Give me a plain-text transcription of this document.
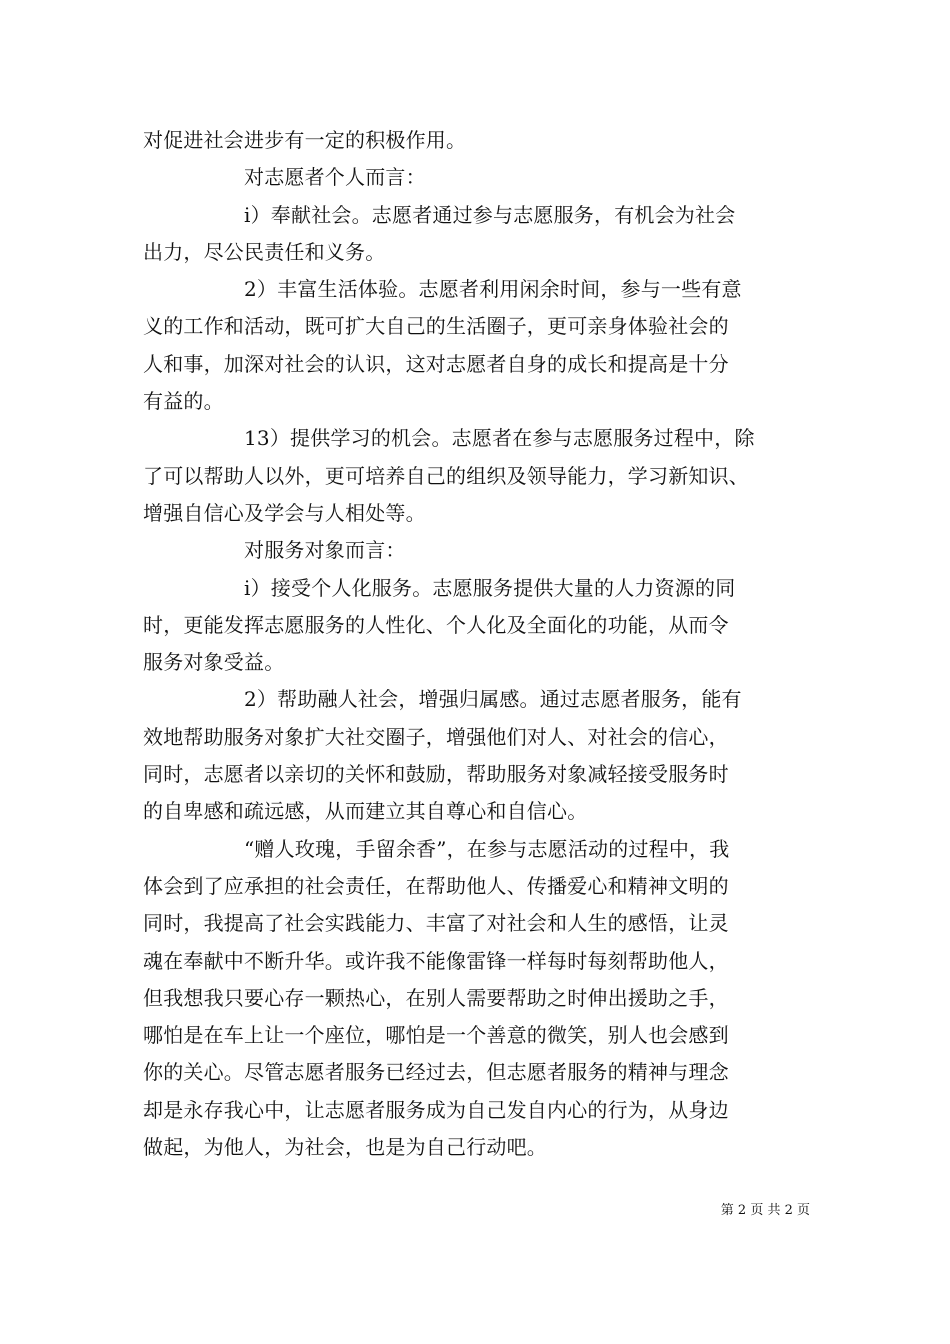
对促进社会进步有一定的积极作用。
对志愿者个人而言：
i）奉献社会。志愿者通过参与志愿服务，有机会为社会
出力，尽公民责任和义务。
2）丰富生活体验。志愿者利用闲余时间，参与一些有意
义的工作和活动，既可扩大自己的生活圈子，更可亲身体验社会的
人和事，加深对社会的认识，这对志愿者自身的成长和提高是十分
有益的。
13）提供学习的机会。志愿者在参与志愿服务过程中，除
了可以帮助人以外，更可培养自己的组织及领导能力，学习新知识、
增强自信心及学会与人相处等。
对服务对象而言：
i）接受个人化服务。志愿服务提供大量的人力资源的同
时，更能发挥志愿服务的人性化、个人化及全面化的功能，从而令
服务对象受益。
2）帮助融人社会，增强归属感。通过志愿者服务，能有
效地帮助服务对象扩大社交圈子，增强他们对人、对社会的信心，
同时，志愿者以亲切的关怀和鼓励，帮助服务对象减轻接受服务时
的自卑感和疏远感，从而建立其自尊心和自信心。
“赠人玫瑰，手留余香”，在参与志愿活动的过程中，我
体会到了应承担的社会责任，在帮助他人、传播爱心和精神文明的
同时，我提高了社会实践能力、丰富了对社会和人生的感悟，让灵
魂在奉献中不断升华。或许我不能像雷锋一样每时每刻帮助他人，
但我想我只要心存一颗热心，在别人需要帮助之时伸出援助之手，
哪怕是在车上让一个座位，哪怕是一个善意的微笑，别人也会感到
你的关心。尽管志愿者服务已经过去，但志愿者服务的精神与理念
却是永存我心中，让志愿者服务成为自己发自内心的行为，从身边
做起，为他人，为社会，也是为自己行动吧。
第 2 页 共 2 页
